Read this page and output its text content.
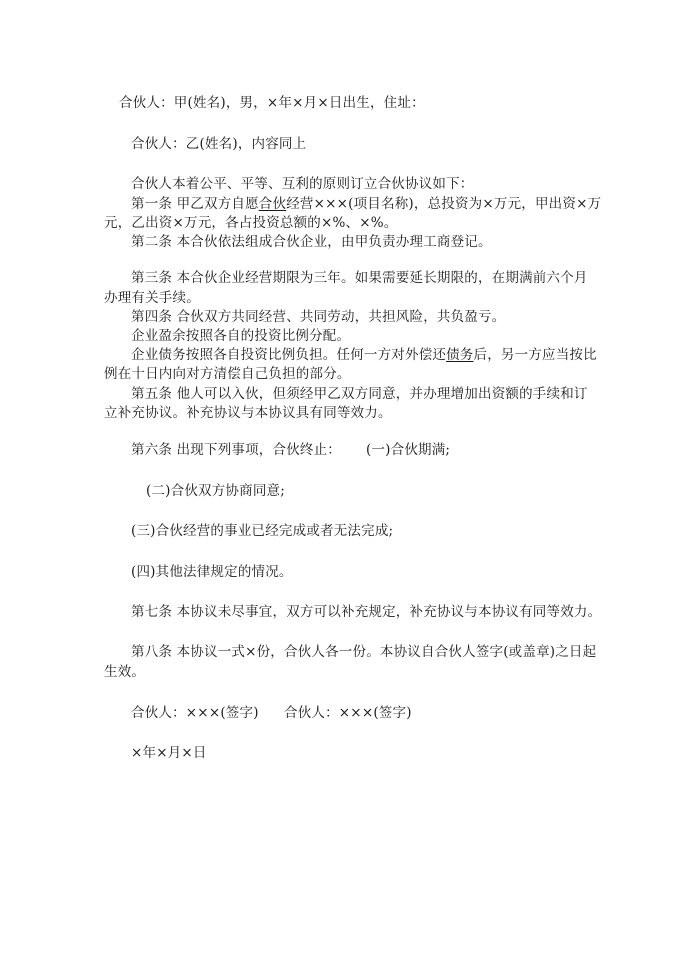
合伙人：甲(姓名)，男，×年×月×日出生，住址：
合伙人：乙(姓名)，内容同上
合伙人本着公平、平等、互利的原则订立合伙协议如下：
第一条 甲乙双方自愿合伙经营×××(项目名称)，总投资为×万元，甲出资×万
元，乙出资×万元，各占投资总额的×%、×%。
第二条 本合伙依法组成合伙企业，由甲负责办理工商登记。
第三条 本合伙企业经营期限为三年。如果需要延长期限的，在期满前六个月
办理有关手续。
第四条 合伙双方共同经营、共同劳动，共担风险，共负盈亏。
企业盈余按照各自的投资比例分配。
企业债务按照各自投资比例负担。任何一方对外偿还债务后，另一方应当按比
例在十日内向对方清偿自己负担的部分。
第五条 他人可以入伙，但须经甲乙双方同意，并办理增加出资额的手续和订
立补充协议。补充协议与本协议具有同等效力。
第六条 出现下列事项，合伙终止： (一)合伙期满;
(二)合伙双方协商同意;
(三)合伙经营的事业已经完成或者无法完成;
(四)其他法律规定的情况。
第七条 本协议未尽事宜，双方可以补充规定，补充协议与本协议有同等效力。
第八条 本协议一式×份，合伙人各一份。本协议自合伙人签字(或盖章)之日起
生效。
合伙人：×××(签字) 合伙人：×××(签字)
×年×月×日
